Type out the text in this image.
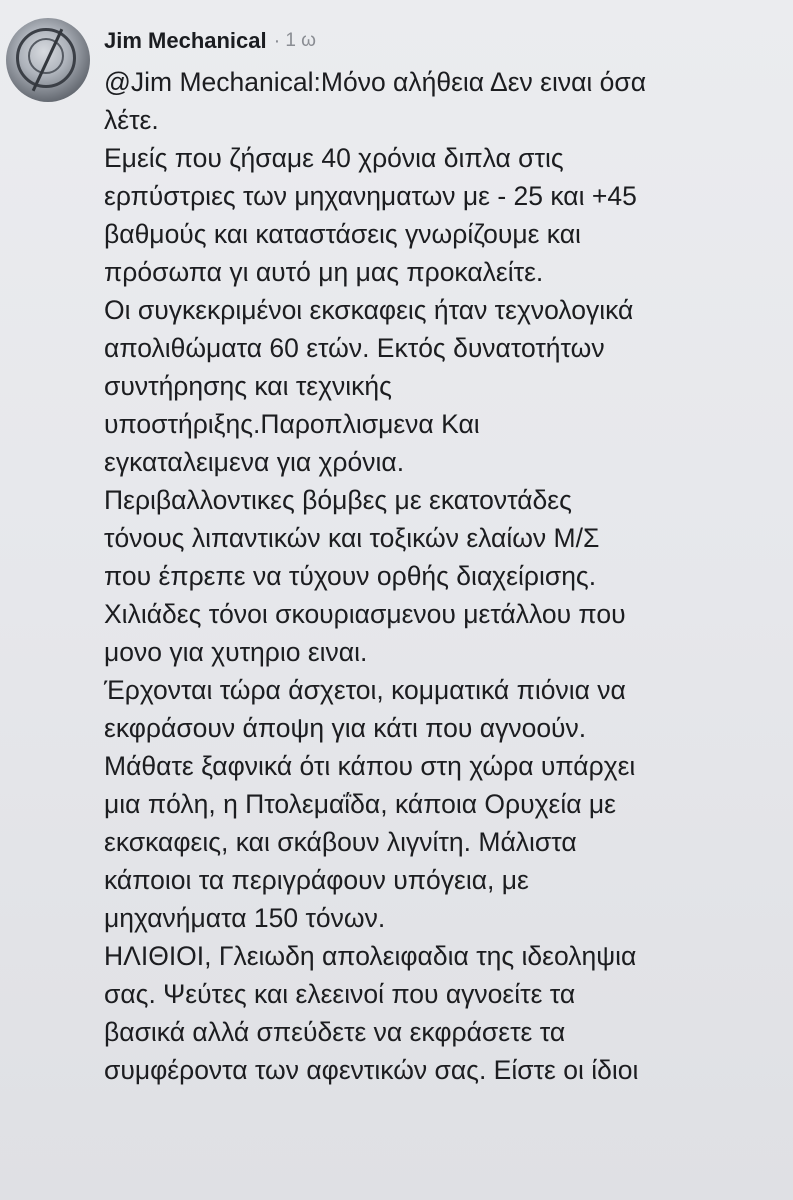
Jim Mechanical · 1 ω
@Jim Mechanical:Μόνο αλήθεια Δεν ειναι όσα
λέτε.
Εμείς που ζήσαμε 40 χρόνια διπλα στις
ερπύστριες των μηχανηματων με - 25 και +45
βαθμούς και καταστάσεις γνωρίζουμε και
πρόσωπα γι αυτό μη μας προκαλείτε.
Οι συγκεκριμένοι εκσκαφεις ήταν τεχνολογικά
απολιθώματα 60 ετών. Εκτός δυνατοτήτων
συντήρησης και τεχνικής
υποστήριξης.Παροπλισμενα Και
εγκαταλειμενα για χρόνια.
Περιβαλλοντικες βόμβες με εκατοντάδες
τόνους λιπαντικών και τοξικών ελαίων Μ/Σ
που έπρεπε να τύχουν ορθής διαχείρισης.
Χιλιάδες τόνοι σκουριασμενου μετάλλου που
μονο για χυτηριο ειναι.
Έρχονται τώρα άσχετοι, κομματικά πιόνια να
εκφράσουν άποψη για κάτι που αγνοούν.
Μάθατε ξαφνικά ότι κάπου στη χώρα υπάρχει
μια πόλη, η Πτολεμαΐδα, κάποια Ορυχεία με
εκσκαφεις, και σκάβουν λιγνίτη. Μάλιστα
κάποιοι τα περιγράφουν υπόγεια, με
μηχανήματα 150 τόνων.
ΗΛΙΘΙΟΙ, Γλειωδη απολειφαδια της ιδεοληψια
σας. Ψεύτες και ελεεινοί που αγνοείτε τα
βασικά αλλά σπεύδετε να εκφράσετε τα
συμφέροντα των αφεντικών σας. Είστε οι ίδιοι
